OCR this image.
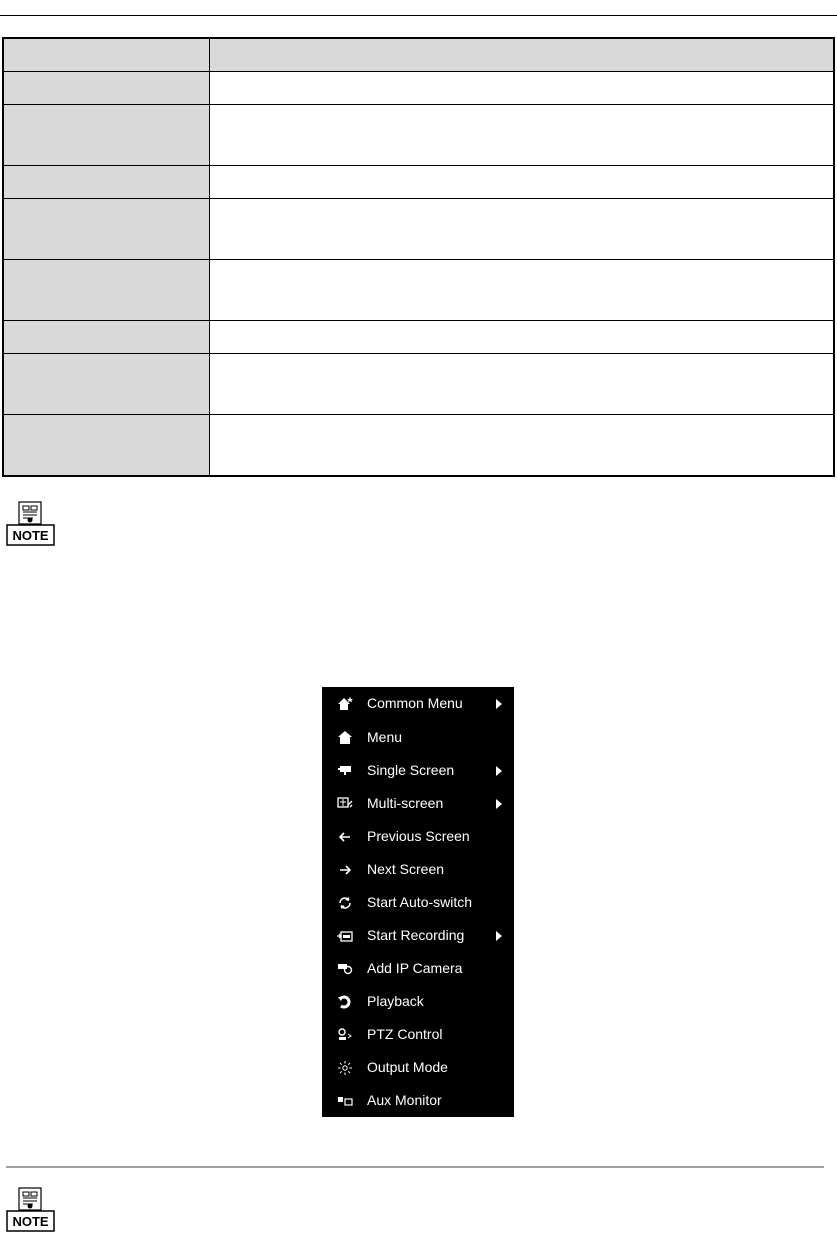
NOTE
Common Menu
Menu
Single Screen
Multi-screen
Previous Screen
Next Screen
Start Auto-switch
Start Recording
Add IP Camera
Playback
PTZ Control
Output Mode
Aux Monitor
NOTE
